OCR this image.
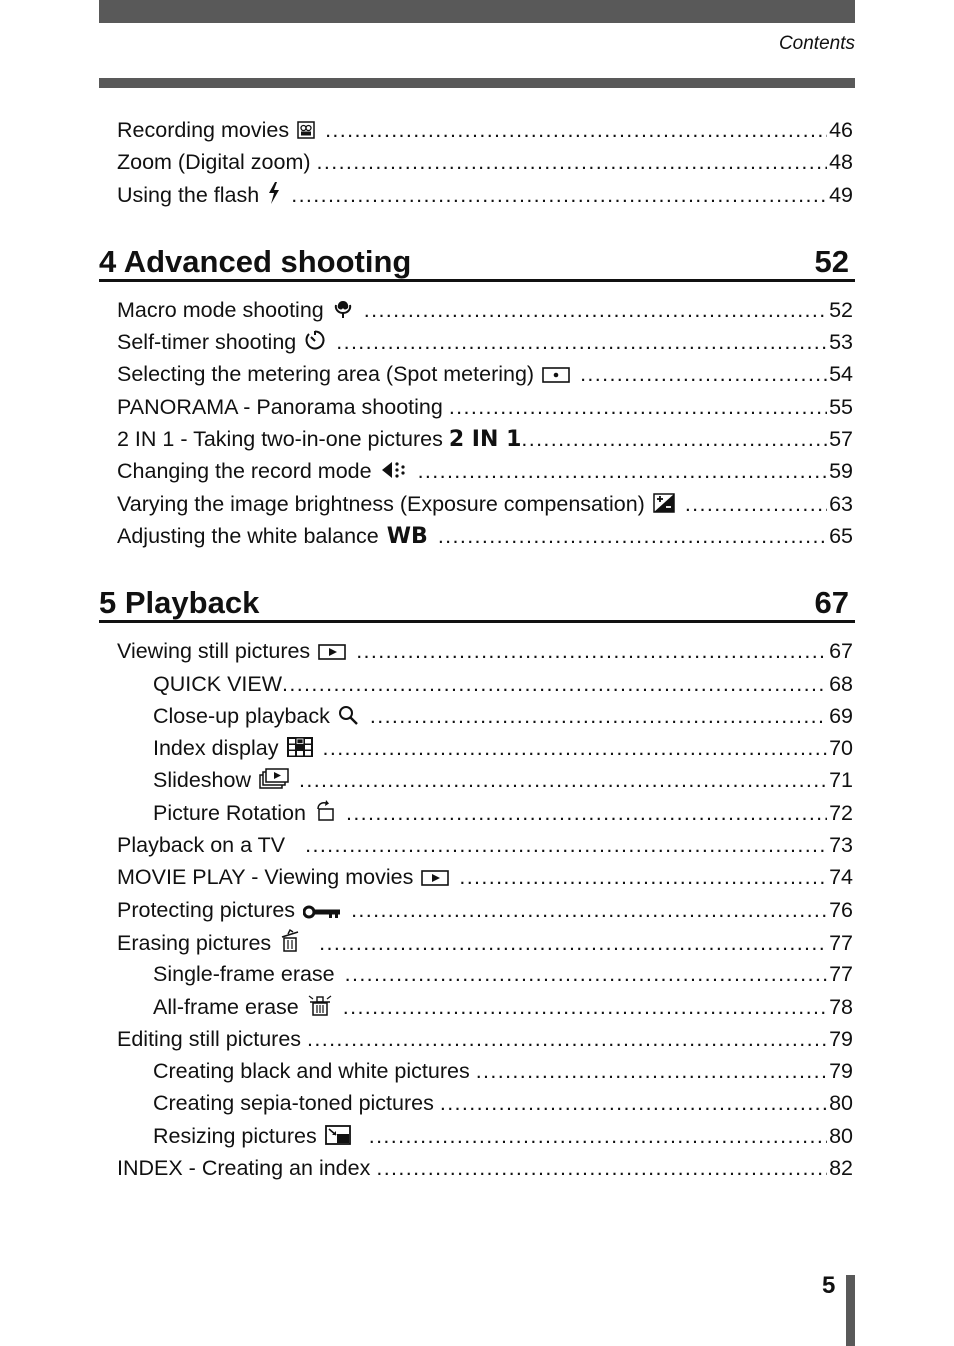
Contents
Recording movies . . .	46
Zoom (Digital zoom) . . .	48
Using the flash . . .	49
4 Advanced shooting	52
Macro mode shooting . . .	52
Self-timer shooting . . .	53
Selecting the metering area (Spot metering) . . .	54
PANORAMA - Panorama shooting . . .	55
2 IN 1 - Taking two-in-one pictures 2 IN 1 . . .	57
Changing the record mode . . .	59
Varying the image brightness (Exposure compensation) . . .	63
Adjusting the white balance WB . . .	65
5 Playback	67
Viewing still pictures . . .	67
QUICK VIEW . . .	68
Close-up playback . . .	69
Index display . . .	70
Slideshow . . .	71
Picture Rotation . . .	72
Playback on a TV . . .	73
MOVIE PLAY - Viewing movies . . .	74
Protecting pictures . . .	76
Erasing pictures . . .	77
Single-frame erase . . .	77
All-frame erase . . .	78
Editing still pictures . . .	79
Creating black and white pictures . . .	79
Creating sepia-toned pictures . . .	80
Resizing pictures . . .	80
INDEX - Creating an index . . .	82
5
